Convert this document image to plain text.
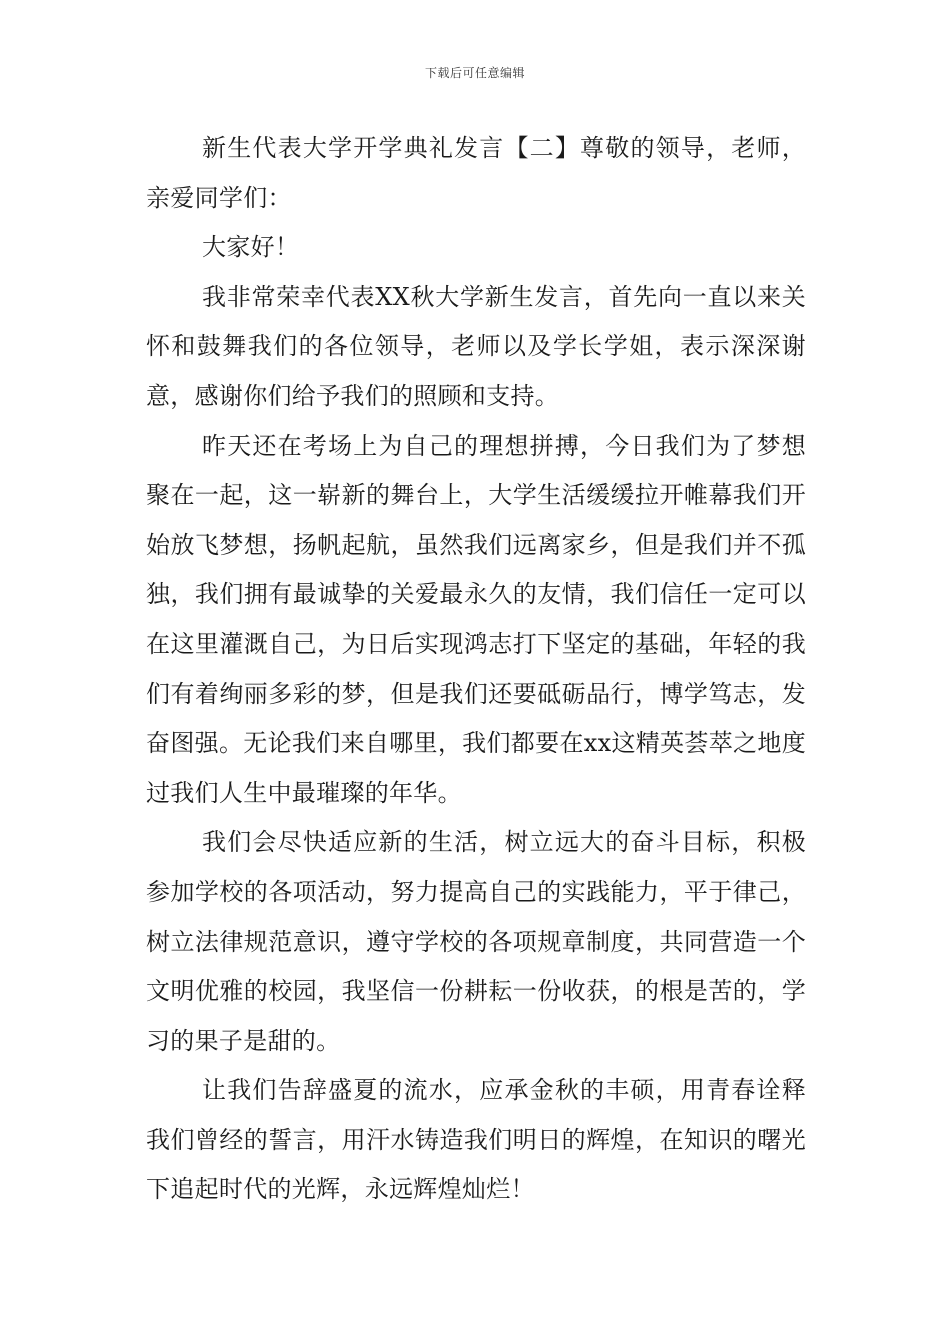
下载后可任意编辑

新生代表大学开学典礼发言【二】尊敬的领导，老师，亲爱同学们：

大家好！

我非常荣幸代表XX秋大学新生发言，首先向一直以来关怀和鼓舞我们的各位领导，老师以及学长学姐，表示深深谢意，感谢你们给予我们的照顾和支持。

昨天还在考场上为自己的理想拼搏，今日我们为了梦想聚在一起，这一崭新的舞台上，大学生活缓缓拉开帷幕我们开始放飞梦想，扬帆起航，虽然我们远离家乡，但是我们并不孤独，我们拥有最诚挚的关爱最永久的友情，我们信任一定可以在这里灌溉自己，为日后实现鸿志打下坚定的基础，年轻的我们有着绚丽多彩的梦，但是我们还要砥砺品行，博学笃志，发奋图强。无论我们来自哪里，我们都要在xx这精英荟萃之地度过我们人生中最璀璨的年华。

我们会尽快适应新的生活，树立远大的奋斗目标，积极参加学校的各项活动，努力提高自己的实践能力，平于律己，树立法律规范意识，遵守学校的各项规章制度，共同营造一个文明优雅的校园，我坚信一份耕耘一份收获，的根是苦的，学习的果子是甜的。

让我们告辞盛夏的流水，应承金秋的丰硕，用青春诠释我们曾经的誓言，用汗水铸造我们明日的辉煌，在知识的曙光下追起时代的光辉，永远辉煌灿烂！
